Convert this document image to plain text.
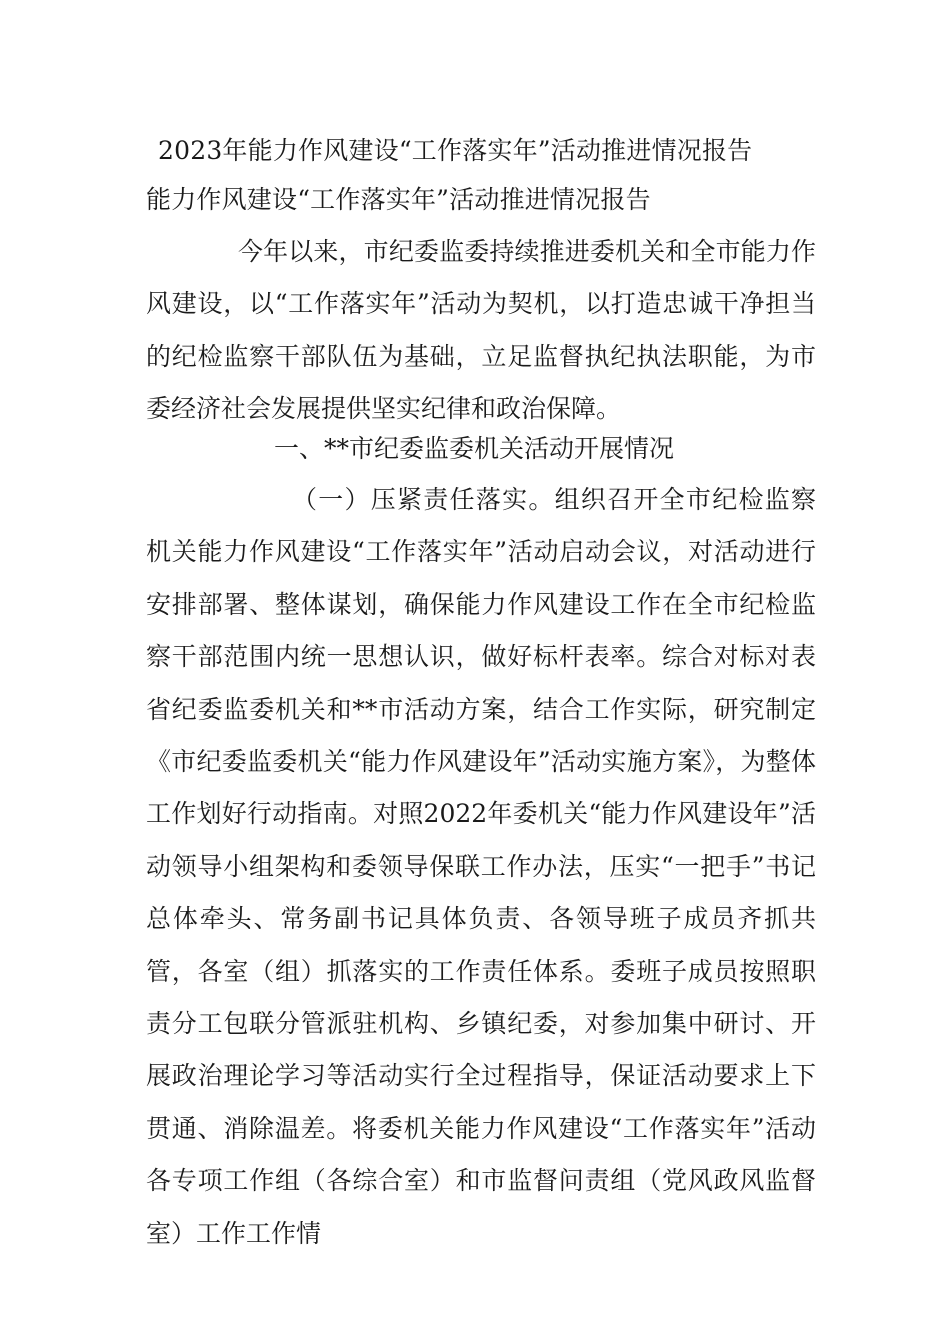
2023年能力作风建设“工作落实年”活动推进情况报告
能力作风建设“工作落实年”活动推进情况报告

今年以来，市纪委监委持续推进委机关和全市能力作风建设，以“工作落实年”活动为契机，以打造忠诚干净担当的纪检监察干部队伍为基础，立足监督执纪执法职能，为市委经济社会发展提供坚实纪律和政治保障。

一、**市纪委监委机关活动开展情况

（一）压紧责任落实。组织召开全市纪检监察机关能力作风建设“工作落实年”活动启动会议，对活动进行安排部署、整体谋划，确保能力作风建设工作在全市纪检监察干部范围内统一思想认识，做好标杆表率。综合对标对表省纪委监委机关和**市活动方案，结合工作实际，研究制定《市纪委监委机关“能力作风建设年”活动实施方案》，为整体工作划好行动指南。对照2022年委机关“能力作风建设年”活动领导小组架构和委领导保联工作办法，压实“一把手”书记总体牵头、常务副书记具体负责、各领导班子成员齐抓共管，各室（组）抓落实的工作责任体系。委班子成员按照职责分工包联分管派驻机构、乡镇纪委，对参加集中研讨、开展政治理论学习等活动实行全过程指导，保证活动要求上下贯通、消除温差。将委机关能力作风建设“工作落实年”活动各专项工作组（各综合室）和市监督问责组（党风政风监督室）工作工作情
